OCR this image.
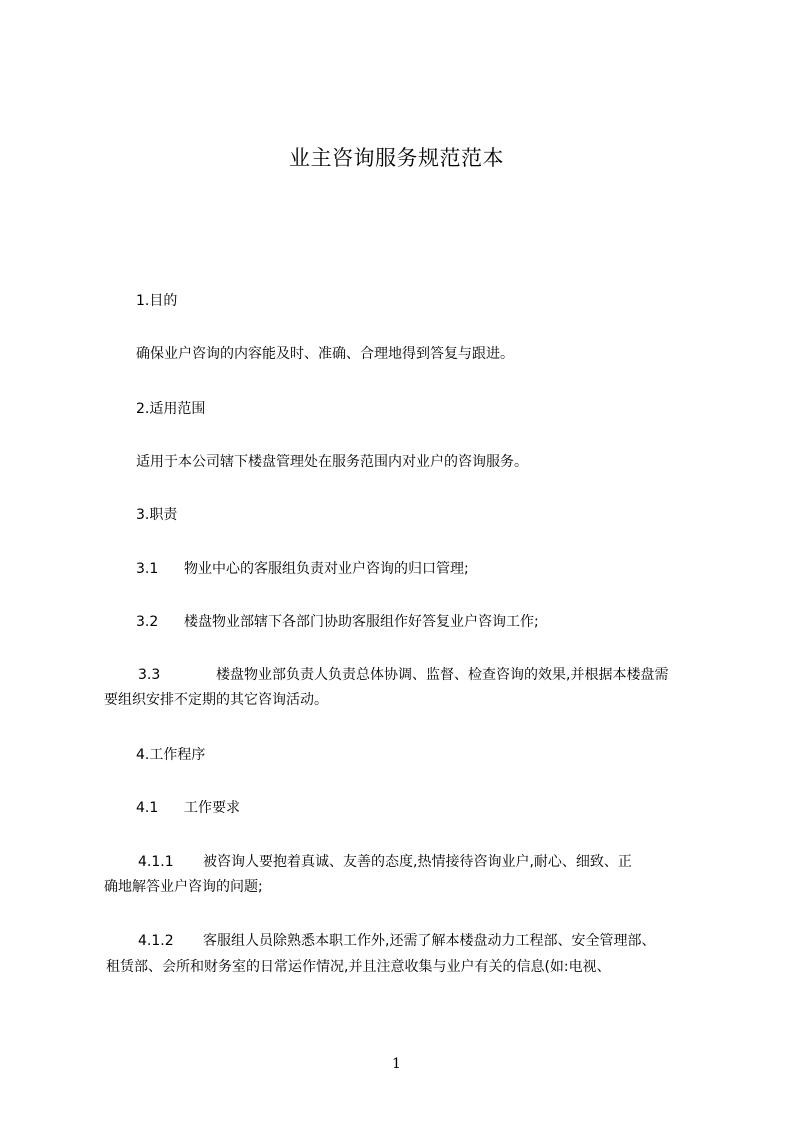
业主咨询服务规范范本
1.目的
确保业户咨询的内容能及时、准确、合理地得到答复与跟进。
2.适用范围
适用于本公司辖下楼盘管理处在服务范围内对业户的咨询服务。
3.职责
3.1 物业中心的客服组负责对业户咨询的归口管理;
3.2 楼盘物业部辖下各部门协助客服组作好答复业户咨询工作;
3.3	楼盘物业部负责人负责总体协调、监督、检查咨询的效果,并根据本楼盘需
要组织安排不定期的其它咨询活动。
4.工作程序
4.1 工作要求
4.1.1 被咨询人要抱着真诚、友善的态度,热情接待咨询业户,耐心、细致、正
确地解答业户咨询的问题;
4.1.2 客服组人员除熟悉本职工作外,还需了解本楼盘动力工程部、安全管理部、
租赁部、会所和财务室的日常运作情况,并且注意收集与业户有关的信息(如:电视、
1
